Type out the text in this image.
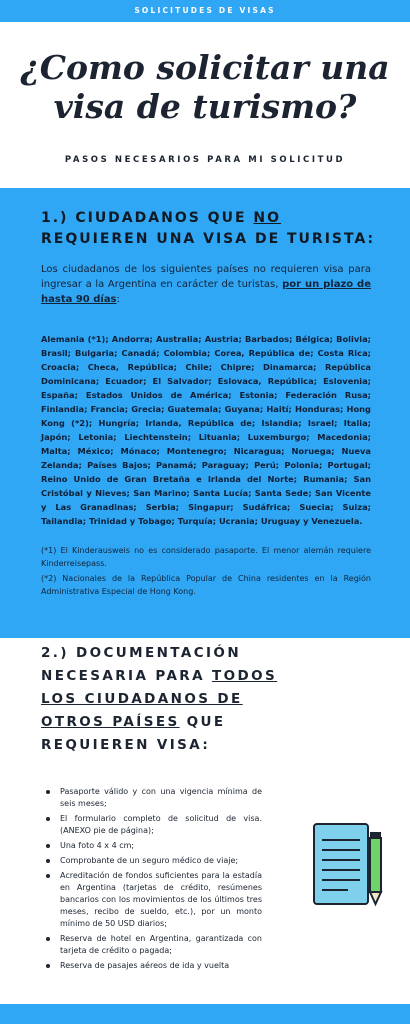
SOLICITUDES DE VISAS
¿Como solicitar una visa de turismo?
PASOS NECESARIOS PARA MI SOLICITUD
1.) CIUDADANOS QUE NO REQUIEREN UNA VISA DE TURISTA:

Los ciudadanos de los siguientes países no requieren visa para ingresar a la Argentina en carácter de turistas, por un plazo de hasta 90 días:

Alemania (*1); Andorra; Australia; Austria; Barbados; Bélgica; Bolivia; Brasil; Bulgaria; Canadá; Colombia; Corea, República de; Costa Rica; Croacia; Checa, República; Chile; Chipre; Dinamarca; República Dominicana; Ecuador; El Salvador; Eslovaca, República; Eslovenia; España; Estados Unidos de América; Estonia; Federación Rusa; Finlandia; Francia; Grecia; Guatemala; Guyana; Haití; Honduras; Hong Kong (*2); Hungría; Irlanda, República de; Islandia; Israel; Italia; Japón; Letonia; Liechtenstein; Lituania; Luxemburgo; Macedonia; Malta; México; Mónaco; Montenegro; Nicaragua; Noruega; Nueva Zelanda; Países Bajos; Panamá; Paraguay; Perú; Polonia; Portugal; Reino Unido de Gran Bretaña e Irlanda del Norte; Rumania; San Cristóbal y Nieves; San Marino; Santa Lucía; Santa Sede; San Vicente y Las Granadinas; Serbia; Singapur; Sudáfrica; Suecia; Suiza; Tailandia; Trinidad y Tobago; Turquía; Ucrania; Uruguay y Venezuela.

(*1) El Kinderausweis no es considerado pasaporte. El menor alemán requiere Kinderreisepass.

(*2) Nacionales de la República Popular de China residentes en la Región Administrativa Especial de Hong Kong.

2.) DOCUMENTACIÓN NECESARIA PARA TODOS LOS CIUDADANOS DE OTROS PAÍSES QUE REQUIEREN VISA:
Pasaporte válido y con una vigencia mínima de seis meses;
El formulario completo de solicitud de visa. (ANEXO pie de página);
Una foto 4 x 4 cm;
Comprobante de un seguro médico de viaje;
Acreditación de fondos suficientes para la estadía en Argentina (tarjetas de crédito, resúmenes bancarios con los movimientos de los últimos tres meses, recibo de sueldo, etc.), por un monto mínimo de 50 USD diarios;
Reserva de hotel en Argentina, garantizada con tarjeta de crédito o pagada;
Reserva de pasajes aéreos de ida y vuelta
